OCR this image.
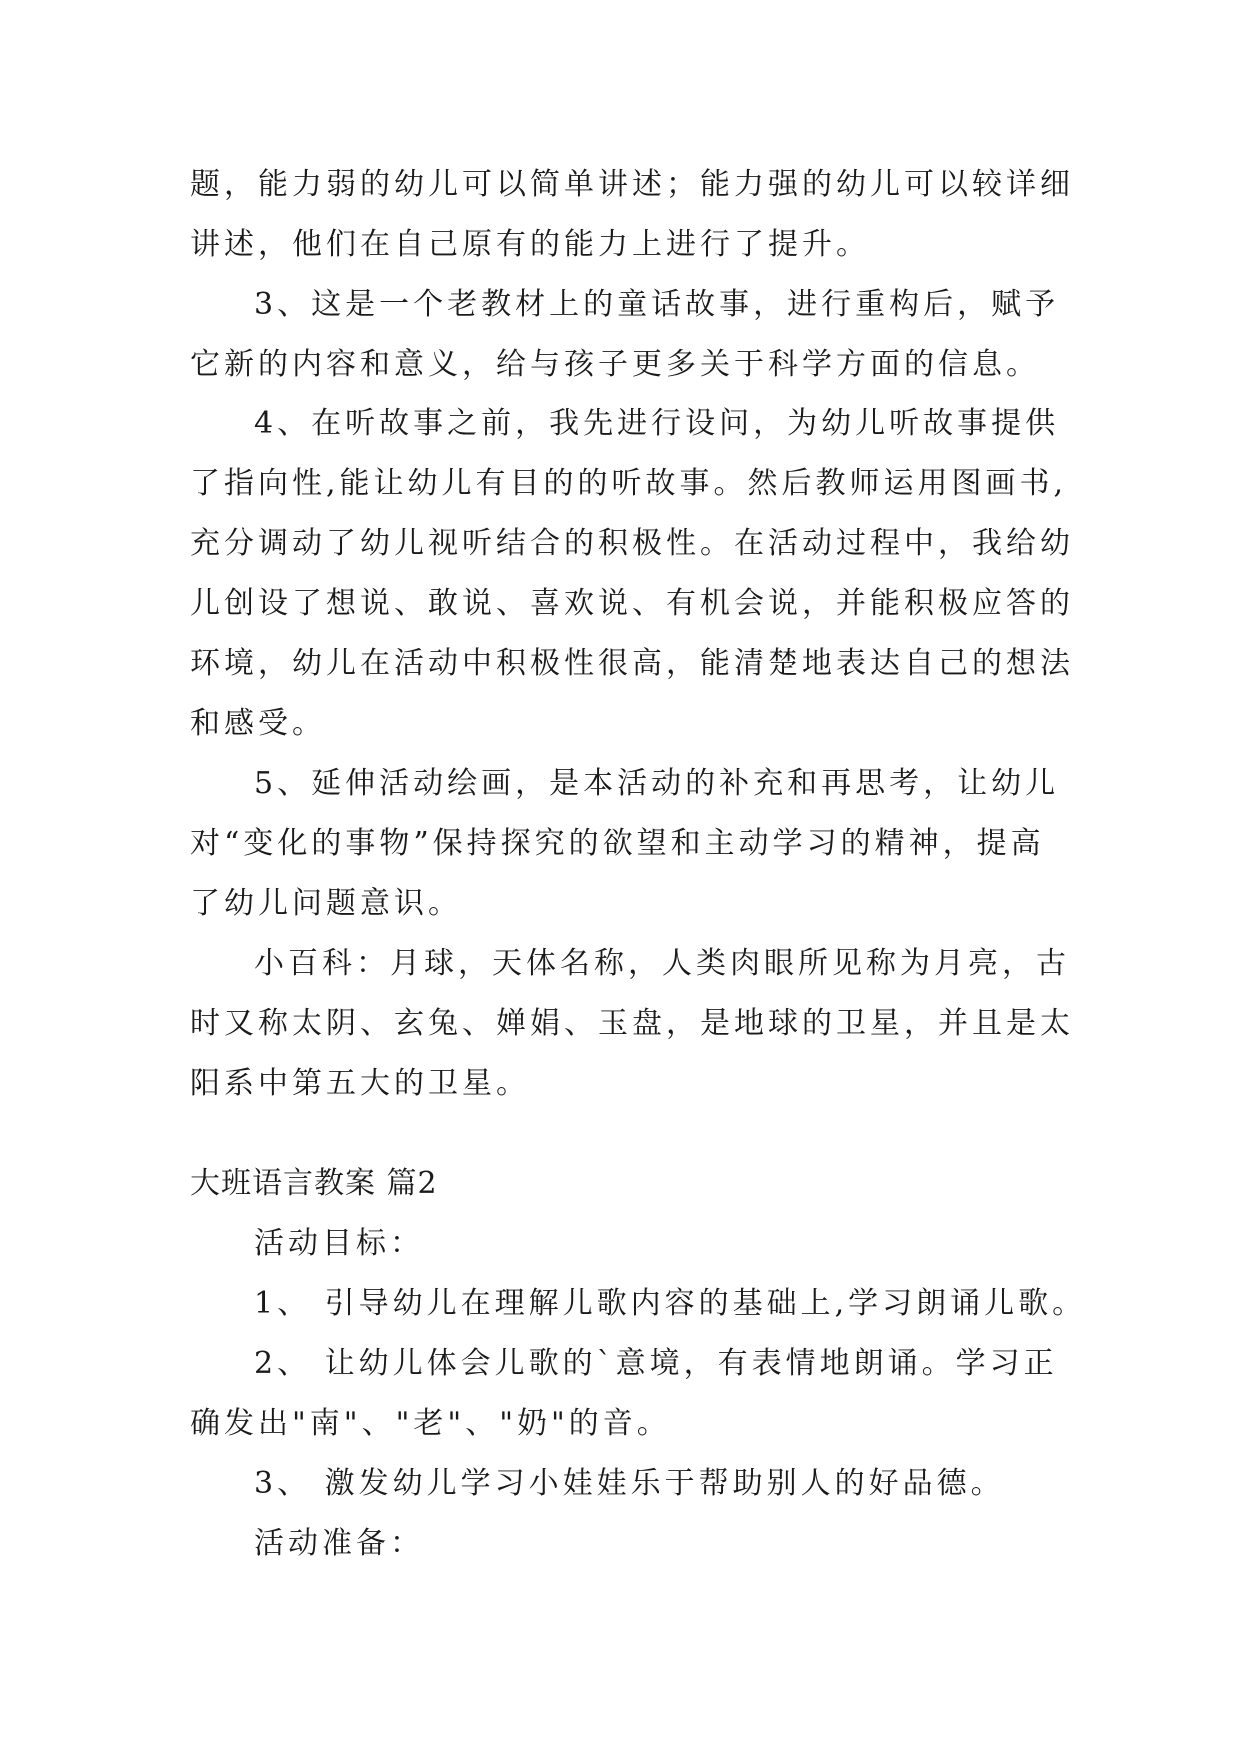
题，能力弱的幼儿可以简单讲述；能力强的幼儿可以较详细
讲述，他们在自己原有的能力上进行了提升。
3、这是一个老教材上的童话故事，进行重构后，赋予
它新的内容和意义，给与孩子更多关于科学方面的信息。
4、在听故事之前，我先进行设问，为幼儿听故事提供
了指向性,能让幼儿有目的的听故事。然后教师运用图画书,
充分调动了幼儿视听结合的积极性。在活动过程中，我给幼
儿创设了想说、敢说、喜欢说、有机会说，并能积极应答的
环境，幼儿在活动中积极性很高，能清楚地表达自己的想法
和感受。
5、延伸活动绘画，是本活动的补充和再思考，让幼儿
对“变化的事物”保持探究的欲望和主动学习的精神，提高
了幼儿问题意识。
小百科：月球，天体名称，人类肉眼所见称为月亮，古
时又称太阴、玄兔、婵娟、玉盘，是地球的卫星，并且是太
阳系中第五大的卫星。
大班语言教案 篇2
活动目标：
1、 引导幼儿在理解儿歌内容的基础上,学习朗诵儿歌。
2、 让幼儿体会儿歌的`意境，有表情地朗诵。学习正
确发出"南"、"老"、"奶"的音。
3、 激发幼儿学习小娃娃乐于帮助别人的好品德。
活动准备：
